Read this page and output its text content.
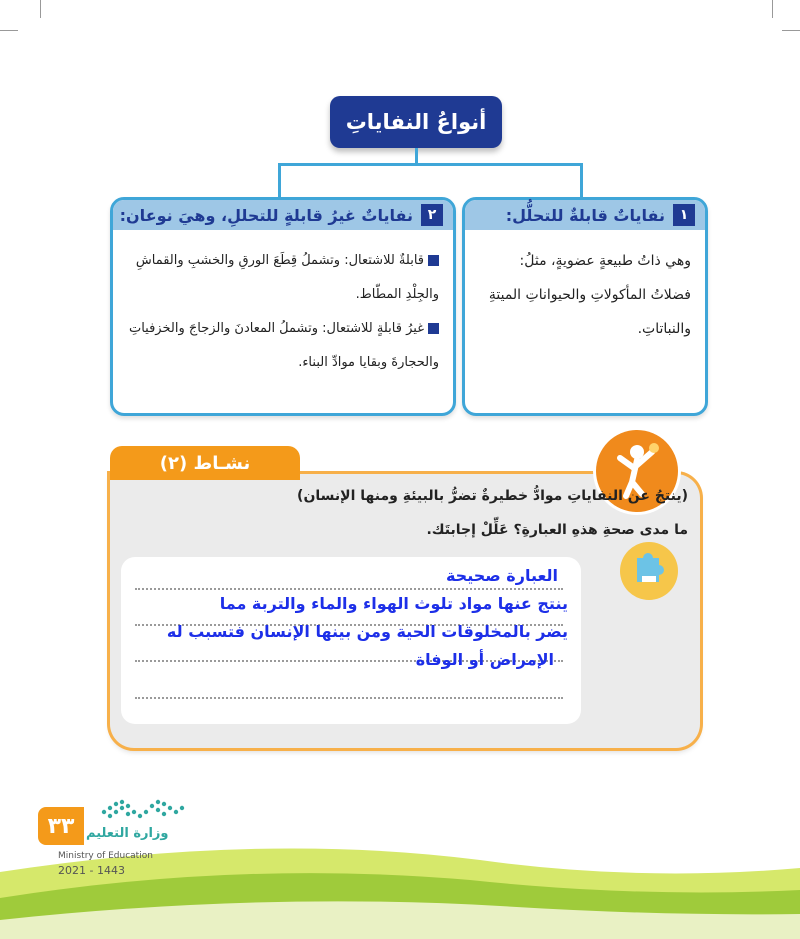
أنواعُ النفاياتِ
١
نفاياتٌ قابلةٌ للتحلُّل:
وهي ذاتُ طبيعةٍ عضويةٍ، مثلُ:
فضلاتُ المأكولاتِ والحيواناتِ الميتةِ
والنباتاتِ.
٢
نفاياتٌ غيرُ قابلةٍ للتحللِ، وهيَ نوعان:
قابلةٌ للاشتعال: وتشملُ قِطَعَ الورقِ والخشبِ والقماشِ
والجِلْدِ المطّاط.
غيرُ قابلةٍ للاشتعال: وتشملُ المعادنَ والزجاجَ والخزفياتِ
والحجارةَ وبقايا موادِّ البناء.
نشـاط (٢)
(ينتجُ عن النفاياتِ موادُّ خطيرةٌ تضرُّ بالبيئةِ ومنها الإنسان)
ما مدى صحةِ هذهِ العبارةِ؟ عَلِّلْ إجابتَك.
العبارة صحيحة
ينتج عنها مواد تلوث الهواء والماء والتربة مما
يضر بالمخلوقات الحية ومن بينها الإنسان فتسبب له
الإمراض أو الوفاة
٣٣ وزارة التعليم
Ministry of Education
2021 - 1443
